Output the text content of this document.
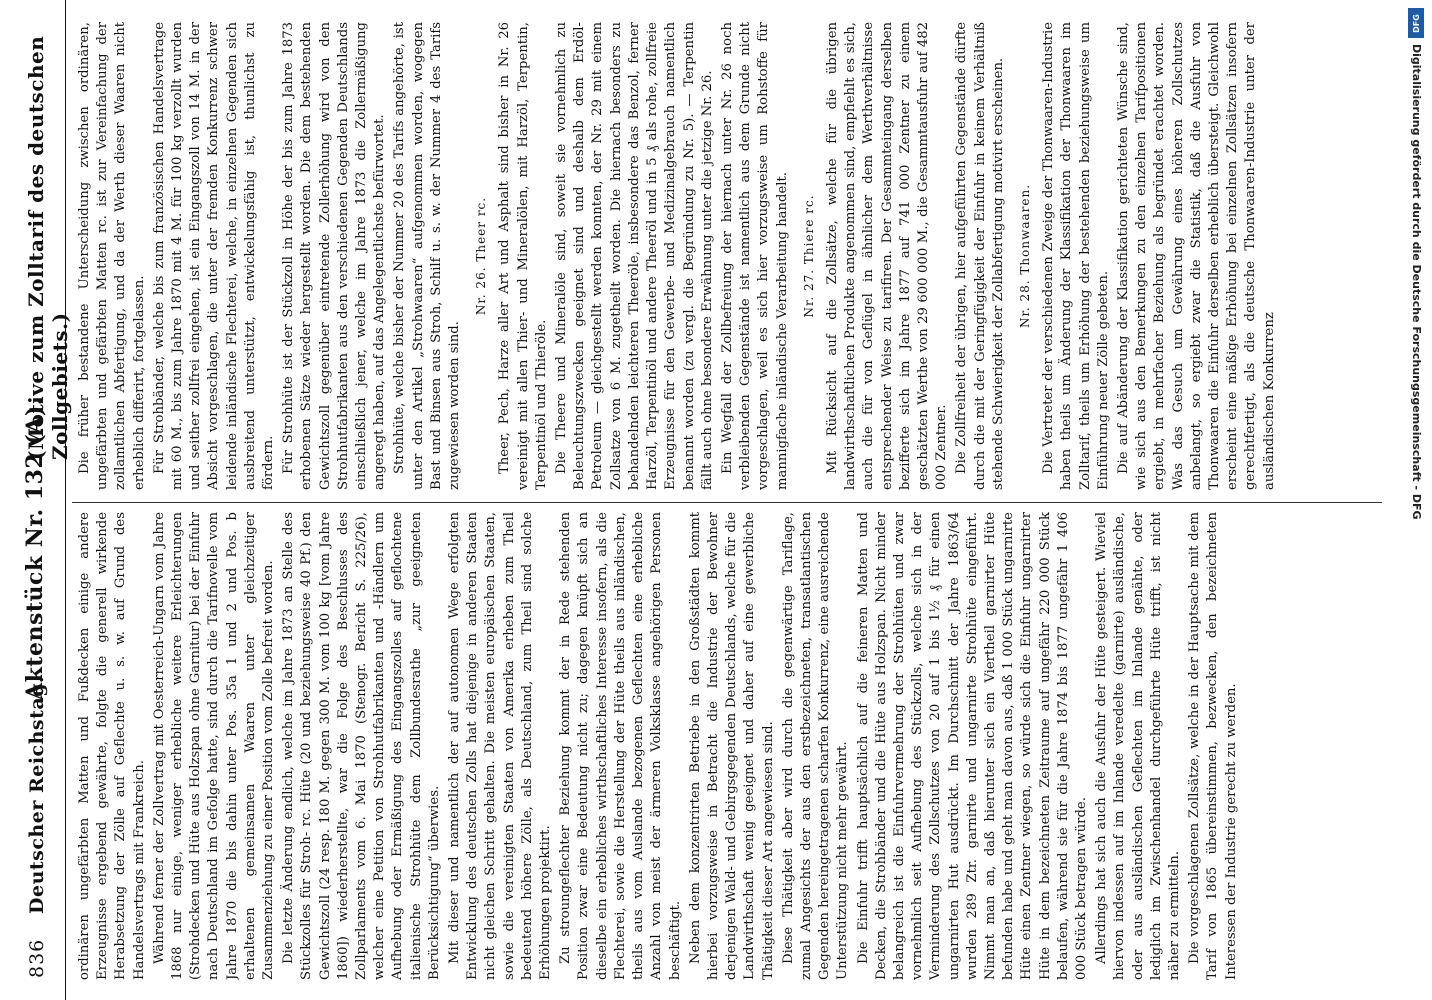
836
Deutscher Reichstag.
Aktenstück Nr. 132 (A).
(Motive zum Zolltarif des deutschen Zollgebiets.)

ordinären ungefärbten Matten und Fußdecken einige andere Erzeugnisse ergebend gewährte, folgte die generell wirkende Herabsetzung der Zölle auf Geflechte u. s. w. auf Grund des Handelsvertrags mit Frankreich. Während ferner der Zollvertrag mit Oesterreich-Ungarn vom Jahre 1868 nur einige, weniger erhebliche weitere Erleichterungen (Strohdecken und Hüte aus Holzspan ohne Garnitur) bei der Einfuhr nach Deutschland im Gefolge hatte, sind durch die Tarifnovelle vom Jahre 1870 die bis dahin unter Pos. 35a 1 und 2 und Pos. b erhaltenen gemeinsamen Waaren unter gleichzeitiger Zusammenziehung zu einer Position vom Zolle befreit worden. Die letzte Änderung endlich, welche im Jahre 1873 an Stelle des Stückzolles für Stroh- rc. Hüte (20 und beziehungsweise 40 Pf.) den Gewichtszoll (24 resp. 180 M. gegen 300 M. vom 100 kg [vom Jahre 1860]) wiederherstellte, war die Folge des Beschlusses des Zollparlaments vom 6. Mai 1870 (Stenogr. Bericht S. 225/26), welcher eine Petition von Strohhutfabrikanten und -Händlern um Aufhebung oder Ermäßigung des Eingangszolles auf geflochtene italienische Strohhüte dem Zollbundesrathe „zur geeigneten Berücksichtigung“ überwies. Mit dieser und namentlich der auf autonomen Wege erfolgten Entwicklung des deutschen Zolls hat diejenige in anderen Staaten nicht gleichen Schritt gehalten. Die meisten europäischen Staaten, sowie die vereinigten Staaten von Amerika erheben zum Theil bedeutend höhere Zölle, als Deutschland, zum Theil sind solche Erhöhungen projektirt. Zu stroungeflechter Beziehung kommt der in Rede stehenden Position zwar eine Bedeutung nicht zu; dagegen knüpft sich an dieselbe ein erhebliches wirthschaftliches Interesse insofern, als die Flechterei, sowie die Herstellung der Hüte theils aus inländischen, theils aus vom Auslande bezogenen Geflechten eine erhebliche Anzahl von meist der ärmeren Volksklasse angehörigen Personen beschäftigt. Neben dem konzentrirten Betriebe in den Großstädten kommt hierbei vorzugsweise in Betracht die Industrie der Bewohner derjenigen Wald- und Gebirgsgegenden Deutschlands, welche für die Landwirthschaft wenig geeignet und daher auf eine gewerbliche Thätigkeit dieser Art angewiesen sind. Diese Thätigkeit aber wird durch die gegenwärtige Tariflage, zumal Angesichts der aus den erstbezeichneten, transatlantischen Gegenden hereingetragenen scharfen Konkurrenz, eine ausreichende Unterstützung nicht mehr gewährt. Die Einfuhr trifft hauptsächlich auf die feineren Matten und Decken, die Strohbänder und die Hüte aus Holzspan. Nicht minder belangreich ist die Einfuhrvermehrung der Strohhüten und zwar vornehmlich seit Aufhebung des Stückzolls, welche sich in der Verminderung des Zollschutzes von 20 auf 1 bis 1½ ₰ für einen ungarnirten Hut ausdrückt. Im Durchschnitt der Jahre 1863/64 wurden 289 Ztr. garnirte und ungarnirte Strohhüte eingeführt. Nimmt man an, daß hierunter sich ein Viertheil garnirter Hüte befunden habe und geht man davon aus, daß 1 000 Stück ungarnirte Hüte einen Zentner wiegen, so würde sich die Einfuhr ungarnirter Hüte in dem bezeichneten Zeitraume auf ungefähr 220 000 Stück belaufen, während sie für die Jahre 1874 bis 1877 ungefähr 1 406 000 Stück betragen würde. Allerdings hat sich auch die Ausfuhr der Hüte gesteigert. Wieviel hiervon indessen auf im Inlande veredelte (garnirte) ausländische, oder aus ausländischen Geflechten im Inlande genähte, oder lediglich im Zwischenhandel durchgeführte Hüte trifft, ist nicht näher zu ermitteln. Die vorgeschlagenen Zollsätze, welche in der Hauptsache mit dem Tarif von 1865 übereinstimmen, bezwecken, den bezeichneten Interessen der Industrie gerecht zu werden.

Die früher bestandene Unterscheidung zwischen ordinären, ungefärbten und gefärbten Matten rc. ist zur Vereinfachung der zollamtlichen Abfertigung, und da der Werth dieser Waaren nicht erheblich differirt, fortgelassen. Für Strohbänder, welche bis zum französischen Handelsvertrage mit 60 M., bis zum Jahre 1870 mit 4 M. für 100 kg verzollt wurden und seither zollfrei eingehen, ist ein Eingangszoll von 14 M. in der Absicht vorgeschlagen, die unter der fremden Konkurrenz schwer leidende inländische Flechterei, welche, in einzelnen Gegenden sich ausbreitend unterstützt, entwickelungsfähig ist, thunlichst zu fördern. Für Strohhüte ist der Stückzoll in Höhe der bis zum Jahre 1873 erhobenen Sätze wieder hergestellt worden. Die dem bestehenden Gewichtszoll gegenüber eintretende Zollerhöhung wird von den Strohhutfabrikanten aus den verschiedenen Gegenden Deutschlands einschließlich jener, welche im Jahre 1873 die Zollermäßigung angeregt haben, auf das Angelegentlichste befürwortet. Strohhüte, welche bisher der Nummer 20 des Tarifs angehörte, ist unter den Artikel „Strohwaaren“ aufgenommen worden, wogegen Bast und Binsen aus Stroh, Schilf u. s. w. der Nummer 4 des Tarifs zugewiesen worden sind.

Nr. 26. Theer rc. Theer, Pech, Harze aller Art und Asphalt sind bisher in Nr. 26 vereinigt mit allen Thier- und Mineralölen, mit Harzöl, Terpentin, Terpentinöl und Thieröle. Die Theere und Mineralöle sind, soweit sie vornehmlich zu Beleuchtungszwecken geeignet sind und deshalb dem Erdöl-Petroleum — gleichgestellt werden konnten, der Nr. 29 mit einem Zollsatze von 6 M. zugetheilt worden. Die hiernach besonders zu behandelnden leichteren Theeröle, insbesondere das Benzol, ferner Harzöl, Terpentinöl und andere Theeröl und in 5 ₰ als rohe, zollfreie Erzeugnisse für den Gewerbe- und Medizinalgebrauch namentlich benannt worden (zu vergl. die Begründung zu Nr. 5). — Terpentin fällt auch ohne besondere Erwähnung unter die jetzige Nr. 26. Ein Wegfall der Zollbefreiung der hiernach unter Nr. 26 noch verbleibenden Gegenstände ist namentlich aus dem Grunde nicht vorgeschlagen, weil es sich hier vorzugsweise um Rohstoffe für mannigfache inländische Verarbeitung handelt. Nr. 27. Thiere rc. Mit Rücksicht auf die Zollsätze, welche für die übrigen landwirthschaftlichen Produkte angenommen sind, empfiehlt es sich, auch die für von Geflügel in ähnlicher dem Werthverhältnisse entsprechender Weise zu tarifiren. Der Gesammteingang derselben bezifferte sich im Jahre 1877 auf 741 000 Zentner zu einem geschätzten Werthe von 29 600 000 M., die Gesammtausfuhr auf 482 000 Zentner. Die Zollfreiheit der übrigen, hier aufgeführten Gegenstände dürfte durch die mit der Geringfügigkeit der Einfuhr in keinem Verhältniß stehende Schwierigkeit der Zollabfertigung motivirt erscheinen. Nr. 28. Thonwaaren. Die Vertreter der verschiedenen Zweige der Thonwaaren-Industrie haben theils um Änderung der Klassifikation der Thonwaaren im Zolltarif, theils um Erhöhung der bestehenden beziehungsweise um Einführung neuer Zölle gebeten. Die auf Abänderung der Klassifikation gerichteten Wünsche sind, wie sich aus den Bemerkungen zu den einzelnen Tarifpositionen ergiebt, in mehrfacher Beziehung als begründet erachtet worden. Was das Gesuch um Gewährung eines höheren Zollschutzes anbelangt, so ergiebt zwar die Statistik, daß die Ausfuhr von Thonwaaren die Einfuhr derselben erheblich übersteigt. Gleichwohl erscheint eine mäßige Erhöhung bei einzelnen Zollsätzen insofern gerechtfertigt, als die deutsche Thonwaaren-Industrie unter der ausländischen Konkurrenz

DFG
Digitalisierung gefördert durch die Deutsche Forschungsgemeinschaft - DFG
